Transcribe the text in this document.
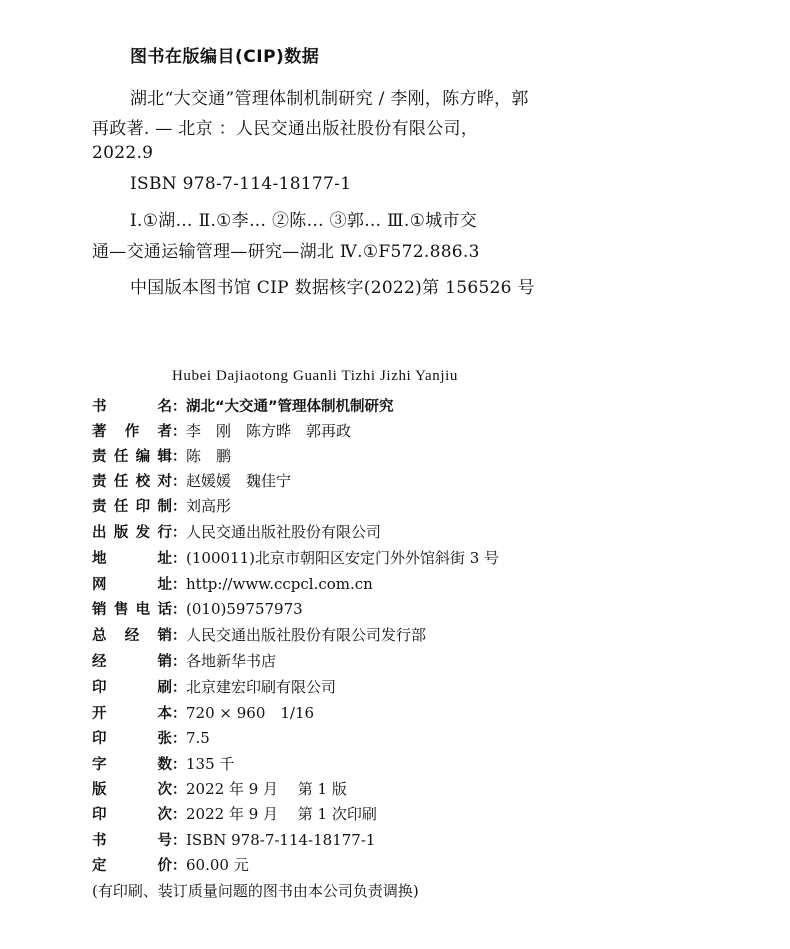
图书在版编目(CIP)数据
湖北“大交通”管理体制机制研究 / 李刚，陈方晔，郭
再政著. — 北京 ：人民交通出版社股份有限公司，
2022.9
ISBN 978-7-114-18177-1
Ⅰ.①湖… Ⅱ.①李… ②陈… ③郭… Ⅲ.①城市交
通—交通运输管理—研究—湖北 Ⅳ.①F572.886.3
中国版本图书馆 CIP 数据核字(2022)第 156526 号
Hubei Dajiaotong Guanli Tizhi Jizhi Yanjiu
书名：湖北“大交通”管理体制机制研究
著作者：李　刚　陈方晔　郭再政
责任编辑：陈　鹏
责任校对：赵媛媛　魏佳宁
责任印制：刘高彤
出版发行：人民交通出版社股份有限公司
地址：(100011)北京市朝阳区安定门外外馆斜街 3 号
网址：http://www.ccpcl.com.cn
销售电话：(010)59757973
总经销：人民交通出版社股份有限公司发行部
经销：各地新华书店
印刷：北京建宏印刷有限公司
开本：720 × 960　1/16
印张：7.5
字数：135 千
版次：2022 年 9 月　 第 1 版
印次：2022 年 9 月　 第 1 次印刷
书号：ISBN 978-7-114-18177-1
定价：60.00 元
(有印刷、装订质量问题的图书由本公司负责调换)
